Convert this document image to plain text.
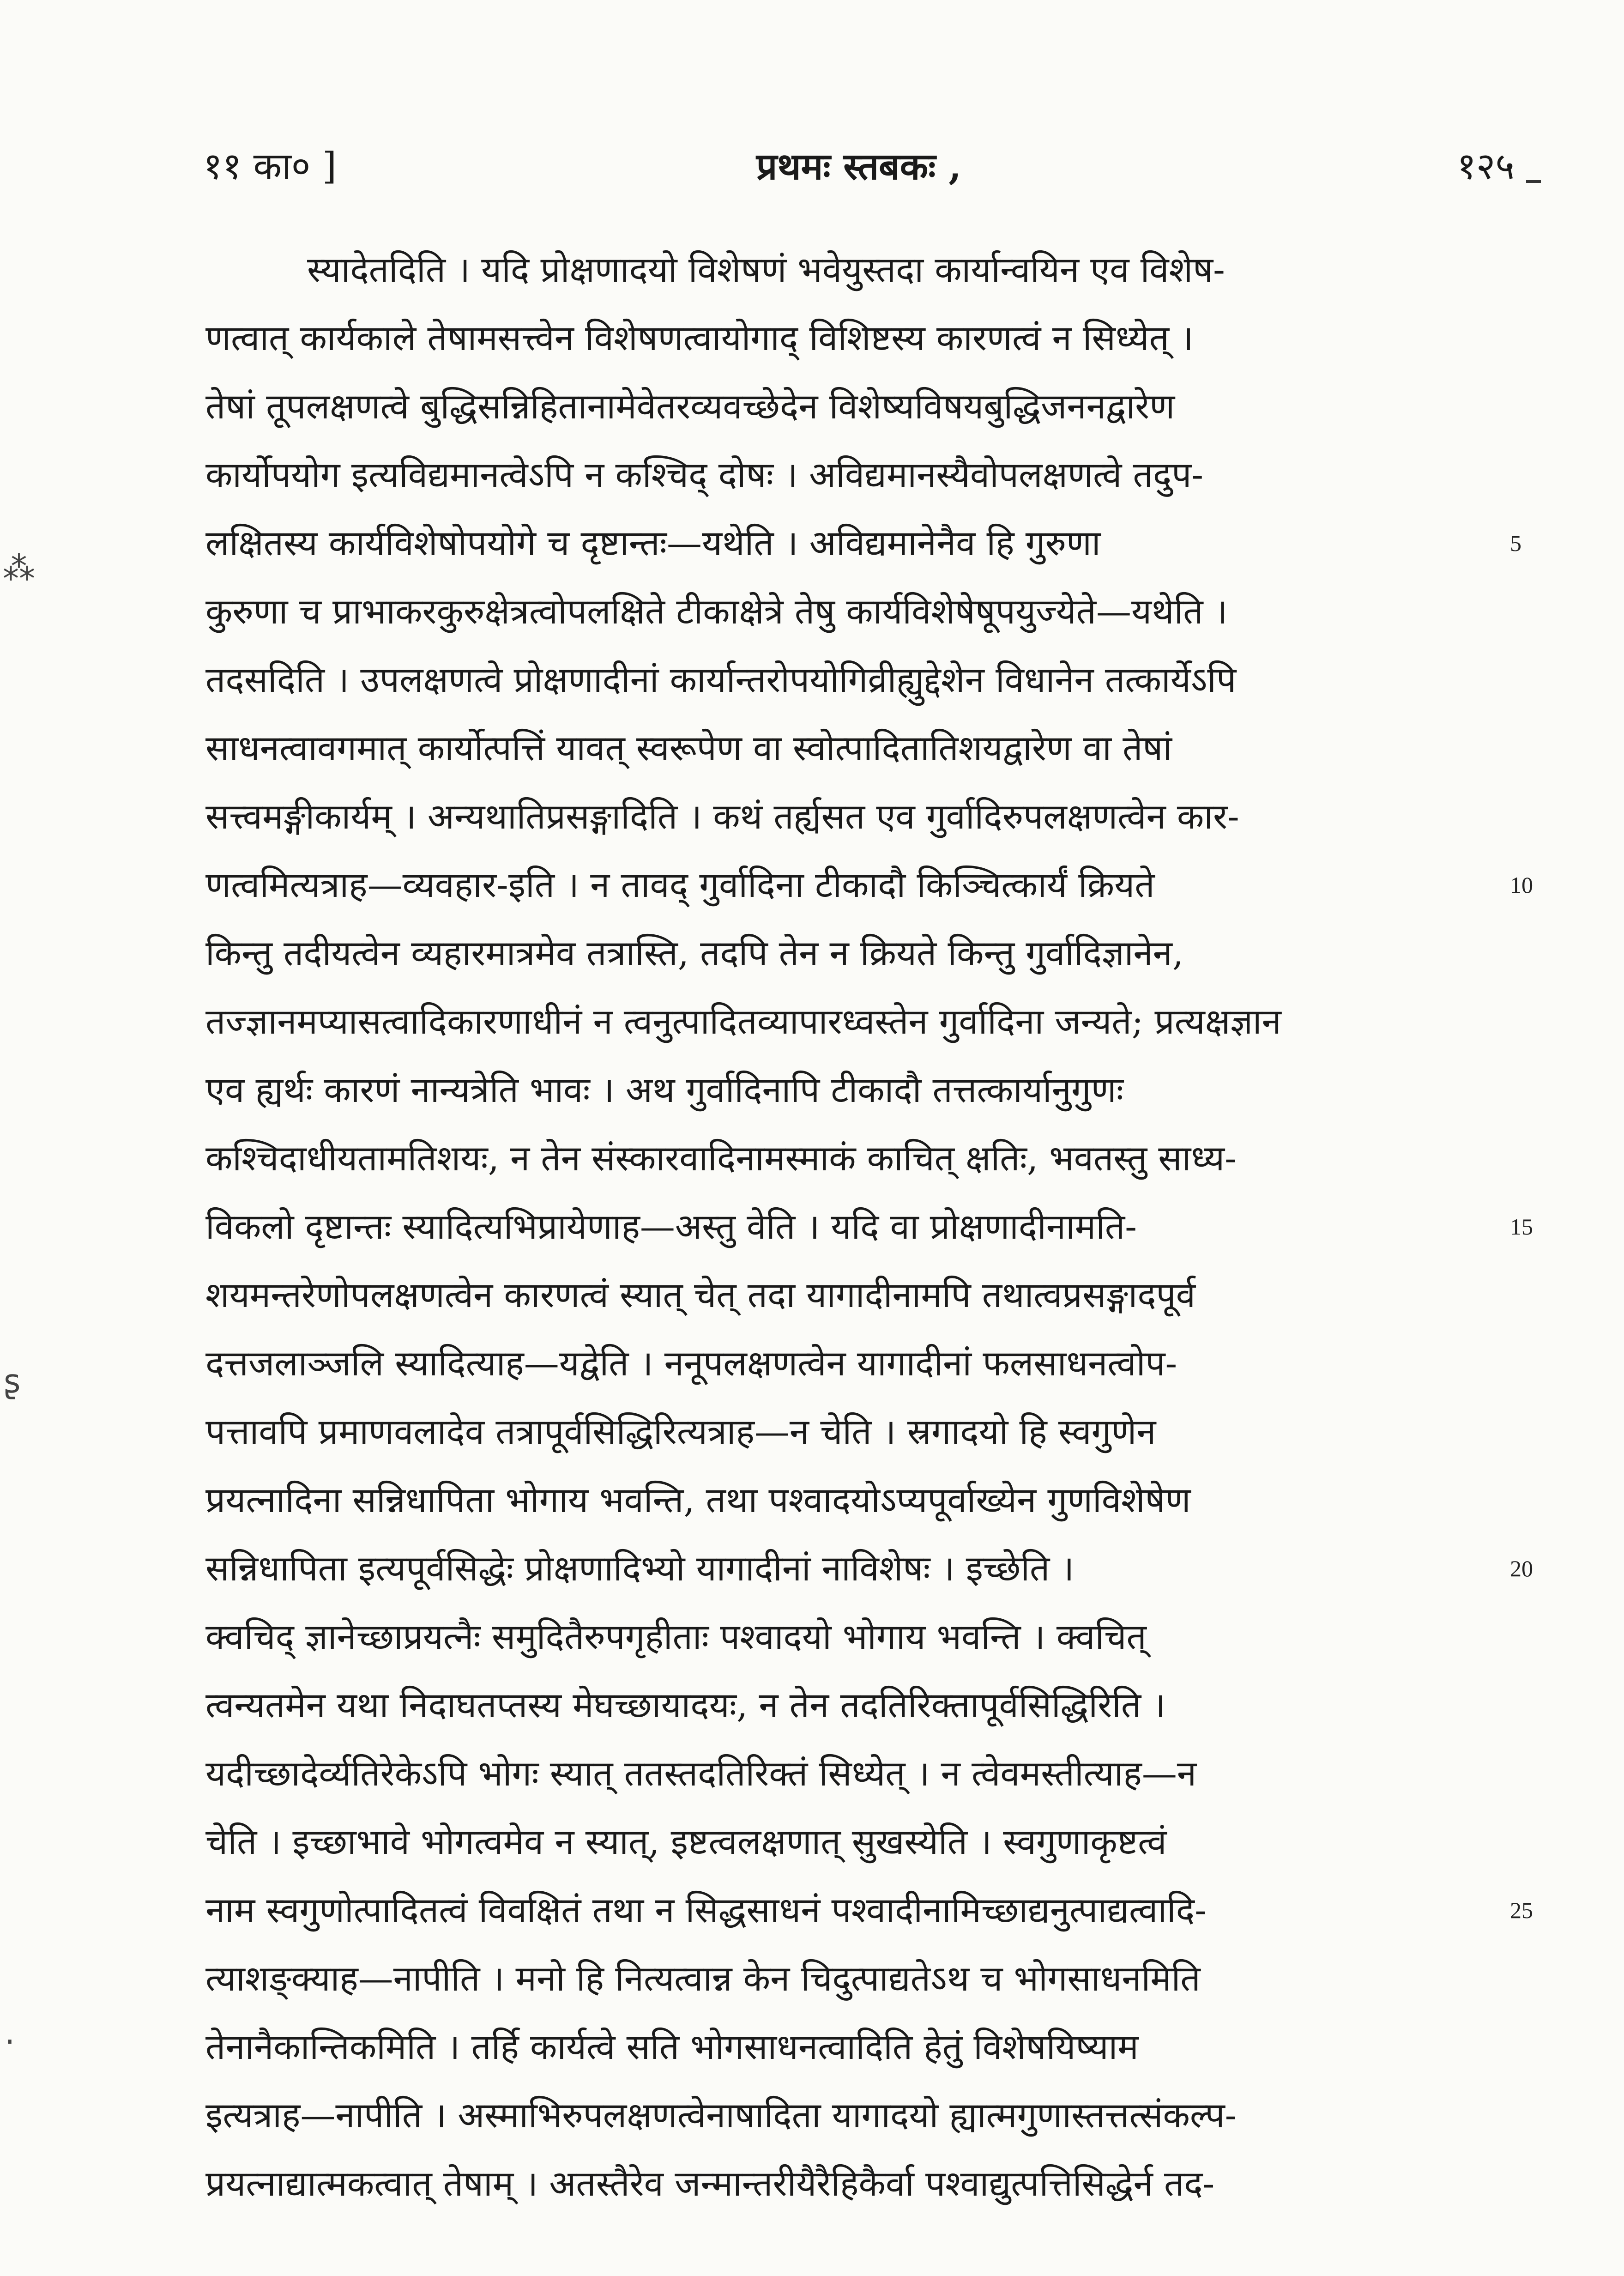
११ का० ]	प्रथमः स्तबकः ,	१२५
स्यादेतदिति । यदि प्रोक्षणादयो विशेषणं भवेयुस्तदा कार्यान्वयिन एव विशेष-
णत्वात् कार्यकाले तेषामसत्त्वेन विशेषणत्वायोगाद् विशिष्टस्य कारणत्वं न सिध्येत् ।
तेषां तूपलक्षणत्वे बुद्धिसन्निहितानामेवेतरव्यवच्छेदेन विशेष्यविषयबुद्धिजननद्वारेण
कार्योपयोग इत्यविद्यमानत्वेऽपि न कश्चिद् दोषः । अविद्यमानस्यैवोपलक्षणत्वे तदुप-
लक्षितस्य कार्यविशेषोपयोगे च दृष्टान्तः—यथेति । अविद्यमानेनैव हि गुरुणा
कुरुणा च प्राभाकरकुरुक्षेत्रत्वोपलक्षिते टीकाक्षेत्रे तेषु कार्यविशेषेषूपयुज्येते—यथेति ।
तदसदिति । उपलक्षणत्वे प्रोक्षणादीनां कार्यान्तरोपयोगिव्रीह्युद्देशेन विधानेन तत्कार्येऽपि
साधनत्वावगमात् कार्योत्पत्तिं यावत् स्वरूपेण वा स्वोत्पादितातिशयद्वारेण वा तेषां
सत्त्वमङ्गीकार्यम् । अन्यथातिप्रसङ्गादिति । कथं तर्ह्यसत एव गुर्वादिरुपलक्षणत्वेन कार-
णत्वमित्यत्राह—व्यवहार-इति । न तावद् गुर्वादिना टीकादौ किञ्चित्कार्यं क्रियते
किन्तु तदीयत्वेन व्यहारमात्रमेव तत्रास्ति, तदपि तेन न क्रियते किन्तु गुर्वादिज्ञानेन,
तज्ज्ञानमप्यासत्वादिकारणाधीनं न त्वनुत्पादितव्यापारध्वस्तेन गुर्वादिना जन्यते; प्रत्यक्षज्ञान
एव ह्यर्थः कारणं नान्यत्रेति भावः । अथ गुर्वादिनापि टीकादौ तत्तत्कार्यानुगुणः
कश्चिदाधीयतामतिशयः, न तेन संस्कारवादिनामस्माकं काचित् क्षतिः, भवतस्तु साध्य-
विकलो दृष्टान्तः स्यादित्यभिप्रायेणाह—अस्तु वेति । यदि वा प्रोक्षणादीनामति-
शयमन्तरेणोपलक्षणत्वेन कारणत्वं स्यात् चेत् तदा यागादीनामपि तथात्वप्रसङ्गादपूर्व
दत्तजलाञ्जलि स्यादित्याह—यद्वेति । ननूपलक्षणत्वेन यागादीनां फलसाधनत्वोप-
पत्तावपि प्रमाणवलादेव तत्रापूर्वसिद्धिरित्यत्राह—न चेति । स्रगादयो हि स्वगुणेन
प्रयत्नादिना सन्निधापिता भोगाय भवन्ति, तथा पश्वादयोऽप्यपूर्वाख्येन गुणविशेषेण
सन्निधापिता इत्यपूर्वसिद्धेः प्रोक्षणादिभ्यो यागादीनां नाविशेषः । इच्छेति ।
क्वचिद् ज्ञानेच्छाप्रयत्नैः समुदितैरुपगृहीताः पश्वादयो भोगाय भवन्ति । क्वचित्
त्वन्यतमेन यथा निदाघतप्तस्य मेघच्छायादयः, न तेन तदतिरिक्तापूर्वसिद्धिरिति ।
यदीच्छादेर्व्यतिरेकेऽपि भोगः स्यात् ततस्तदतिरिक्तं सिध्येत् । न त्वेवमस्तीत्याह—न
चेति । इच्छाभावे भोगत्वमेव न स्यात्, इष्टत्वलक्षणात् सुखस्येति । स्वगुणाकृष्टत्वं
नाम स्वगुणोत्पादितत्वं विवक्षितं तथा न सिद्धसाधनं पश्वादीनामिच्छाद्यनुत्पाद्यत्वादि-
त्याशङ्क्याह—नापीति । मनो हि नित्यत्वान्न केन चिदुत्पाद्यतेऽथ च भोगसाधनमिति
तेनानैकान्तिकमिति । तर्हि कार्यत्वे सति भोगसाधनत्वादिति हेतुं विशेषयिष्याम
इत्यत्राह—नापीति । अस्माभिरुपलक्षणत्वेनाषादिता यागादयो ह्यात्मगुणास्तत्तत्संकल्प-
प्रयत्नाद्यात्मकत्वात् तेषाम् । अतस्तैरेव जन्मान्तरीयैरैहिकैर्वा पश्वाद्युत्पत्तिसिद्धेर्न तद-
5
10
15
20
25
⁂
ʂ
·
